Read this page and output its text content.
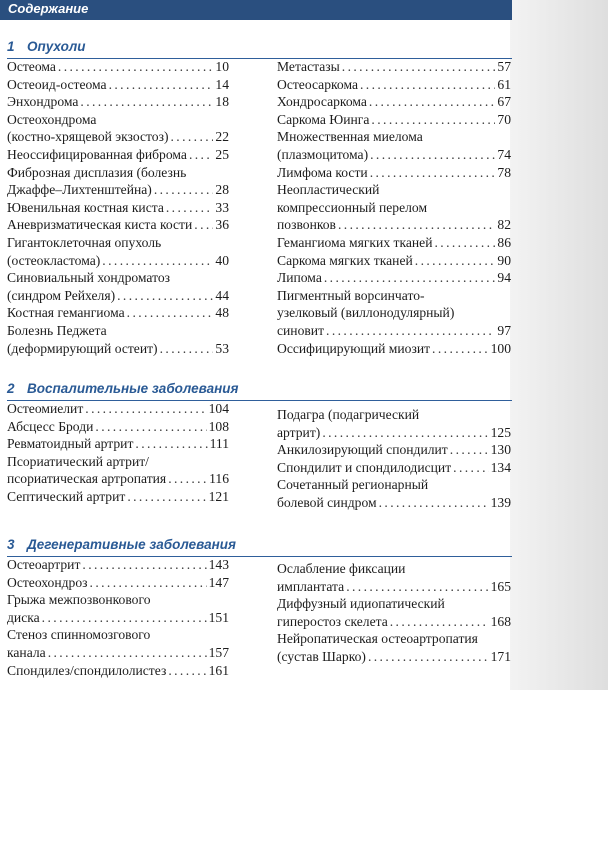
Содержание
1 Опухоли
Остеома . . .	10
Остеоид-остеома . . .	14
Энхондрома . . .	18
Остеохондрома
(костно-хрящевой экзостоз) . . .	22
Неоссифицированная фиброма . . . 25
Фиброзная дисплазия (болезнь
Джаффе–Лихтенштейна) . . .	28
Ювенильная костная киста . . .	33
Аневризматическая киста кости . . . 36
Гигантоклеточная опухоль
(остеокластома) . . .	40
Синовиальный хондроматоз
(синдром Рейхеля) . . .	44
Костная гемангиома . . .	48
Болезнь Педжета
(деформирующий остеит) . . .	53
Метастазы . . .	57
Остеосаркома . . .	61
Хондросаркома . . .	67
Саркома Юинга . . .	70
Множественная миелома
(плазмоцитома) . . .	74
Лимфома кости . . .	78
Неопластический
компрессионный перелом
позвонков . . .	82
Гемангиома мягких тканей . . .	86
Саркома мягких тканей . . .	90
Липома . . .	94
Пигментный ворсинчато-
узелковый (виллонодулярный)
синовит . . .	97
Оссифицирующий миозит . . .	100
2 Воспалительные заболевания
Остеомиелит . . .	104
Абсцесс Броди . . .	108
Ревматоидный артрит . . .	111
Псориатический артрит/
псориатическая артропатия . . .	116
Септический артрит . . .	121
Подагра (подагрический
артрит) . . .	125
Анкилозирующий спондилит . . .	130
Спондилит и спондилодисцит . . .	134
Сочетанный регионарный
болевой синдром . . .	139
3 Дегенеративные заболевания
Остеоартрит . . .	143
Остеохондроз . . .	147
Грыжа межпозвонкового
диска . . .	151
Стеноз спинномозгового
канала . . .	157
Спондилез/спондилолистез . . .	161
Ослабление фиксации
имплантата . . .	165
Диффузный идиопатический
гиперостоз скелета . . .	168
Нейропатическая остеоартропатия
(сустав Шарко) . . .	171
